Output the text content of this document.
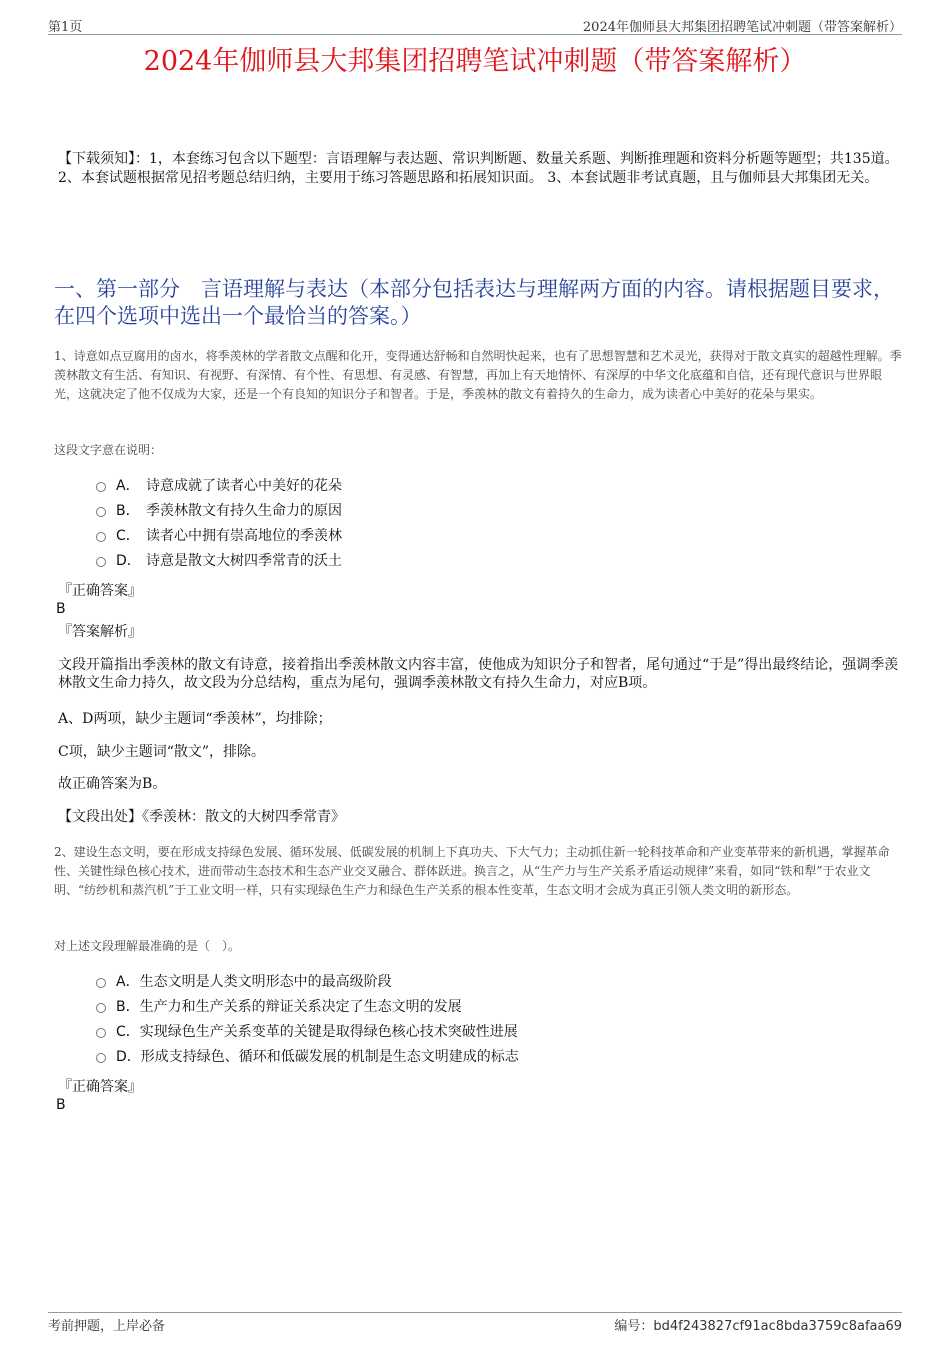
第1页	2024年伽师县大邦集团招聘笔试冲刺题（带答案解析）
2024年伽师县大邦集团招聘笔试冲刺题（带答案解析）
【下载须知】：1，本套练习包含以下题型：言语理解与表达题、常识判断题、数量关系题、判断推理题和资料分析题等题型；共135道。 2、本套试题根据常见招考题总结归纳，主要用于练习答题思路和拓展知识面。 3、本套试题非考试真题，且与伽师县大邦集团无关。
一、第一部分　言语理解与表达（本部分包括表达与理解两方面的内容。请根据题目要求，在四个选项中选出一个最恰当的答案。）
1、诗意如点豆腐用的卤水，将季羡林的学者散文点醒和化开，变得通达舒畅和自然明快起来，也有了思想智慧和艺术灵光，获得对于散文真实的超越性理解。季羡林散文有生活、有知识、有视野、有深情、有个性、有思想、有灵感、有智慧，再加上有天地情怀、有深厚的中华文化底蕴和自信，还有现代意识与世界眼光，这就决定了他不仅成为大家，还是一个有良知的知识分子和智者。于是，季羡林的散文有着持久的生命力，成为读者心中美好的花朵与果实。
这段文字意在说明：
A． 诗意成就了读者心中美好的花朵
B． 季羡林散文有持久生命力的原因
C． 读者心中拥有崇高地位的季羡林
D． 诗意是散文大树四季常青的沃土
『正确答案』
B
『答案解析』
文段开篇指出季羡林的散文有诗意，接着指出季羡林散文内容丰富，使他成为知识分子和智者，尾句通过“于是”得出最终结论，强调季羡林散文生命力持久，故文段为分总结构，重点为尾句，强调季羡林散文有持久生命力，对应B项。
A、D两项，缺少主题词“季羡林”，均排除；
C项，缺少主题词“散文”，排除。
故正确答案为B。
【文段出处】《季羡林：散文的大树四季常青》
2、建设生态文明，要在形成支持绿色发展、循环发展、低碳发展的机制上下真功夫、下大气力；主动抓住新一轮科技革命和产业变革带来的新机遇，掌握革命性、关键性绿色核心技术，进而带动生态技术和生态产业交叉融合、群体跃进。换言之，从“生产力与生产关系矛盾运动规律”来看，如同“铁和犁”于农业文明、“纺纱机和蒸汽机”于工业文明一样，只有实现绿色生产力和绿色生产关系的根本性变革，生态文明才会成为真正引领人类文明的新形态。
对上述文段理解最准确的是（　）。
A．生态文明是人类文明形态中的最高级阶段
B．生产力和生产关系的辩证关系决定了生态文明的发展
C．实现绿色生产关系变革的关键是取得绿色核心技术突破性进展
D．形成支持绿色、循环和低碳发展的机制是生态文明建成的标志
『正确答案』
B
考前押题，上岸必备	编号：bd4f243827cf91ac8bda3759c8afaa69
